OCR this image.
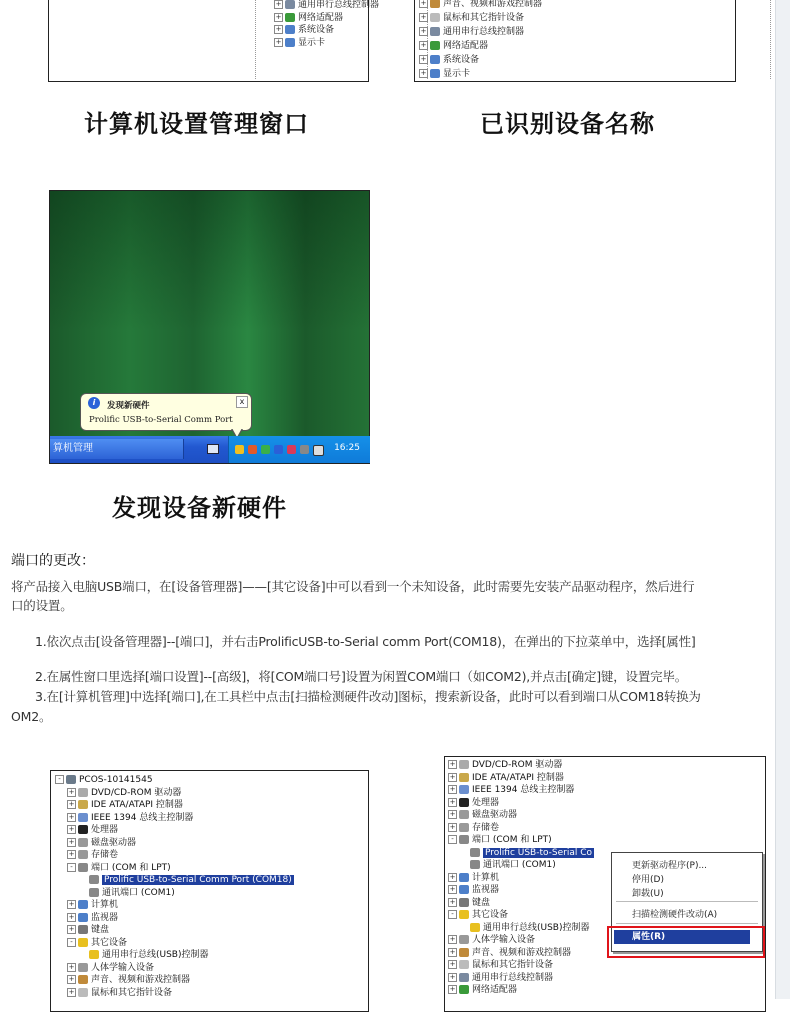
+ 通用串行总线控制器
+ 网络适配器
+ 系统设备
+ 显示卡
+ 声音、视频和游戏控制器
+ 鼠标和其它指针设备
+ 通用串行总线控制器
+ 网络适配器
+ 系统设备
+ 显示卡
计算机设置管理窗口	已识别设备名称
i	发现新硬件
Prolific USB-to-Serial Comm Port
x
算机管理	16:25
发现设备新硬件
端口的更改：
将产品接入电脑USB端口，在[设备管理器]——[其它设备]中可以看到一个未知设备，此时需要先安装产品驱动程序，然后进行
口的设置。
1.依次点击[设备管理器]--[端口]，并右击ProlificUSB-to-Serial comm Port(COM18)，在弹出的下拉菜单中，选择[属性]
2.在属性窗口里选择[端口设置]--[高级]，将[COM端口号]设置为闲置COM端口（如COM2),并点击[确定]键，设置完毕。
3.在[计算机管理]中选择[端口],在工具栏中点击[扫描检测硬件改动]图标，搜索新设备，此时可以看到端口从COM18转换为
OM2。
- PCOS-10141545
+ DVD/CD-ROM 驱动器
+ IDE ATA/ATAPI 控制器
+ IEEE 1394 总线主控制器
+ 处理器
+ 磁盘驱动器
+ 存储卷
- 端口 (COM 和 LPT)
Prolific USB-to-Serial Comm Port (COM18)
通讯端口 (COM1)
+ 计算机
+ 监视器
+ 键盘
- 其它设备
通用串行总线(USB)控制器
+ 人体学输入设备
+ 声音、视频和游戏控制器
+ 鼠标和其它指针设备
+ DVD/CD-ROM 驱动器
+ IDE ATA/ATAPI 控制器
+ IEEE 1394 总线主控制器
+ 处理器
+ 磁盘驱动器
+ 存储卷
- 端口 (COM 和 LPT)
Prolific USB-to-Serial Co
通讯端口 (COM1)
+ 计算机
+ 监视器
+ 键盘
- 其它设备
通用串行总线(USB)控制器
+ 人体学输入设备
+ 声音、视频和游戏控制器
+ 鼠标和其它指针设备
+ 通用串行总线控制器
+ 网络适配器
更新驱动程序(P)...
停用(D)
卸载(U)
扫描检测硬件改动(A)
属性(R)
